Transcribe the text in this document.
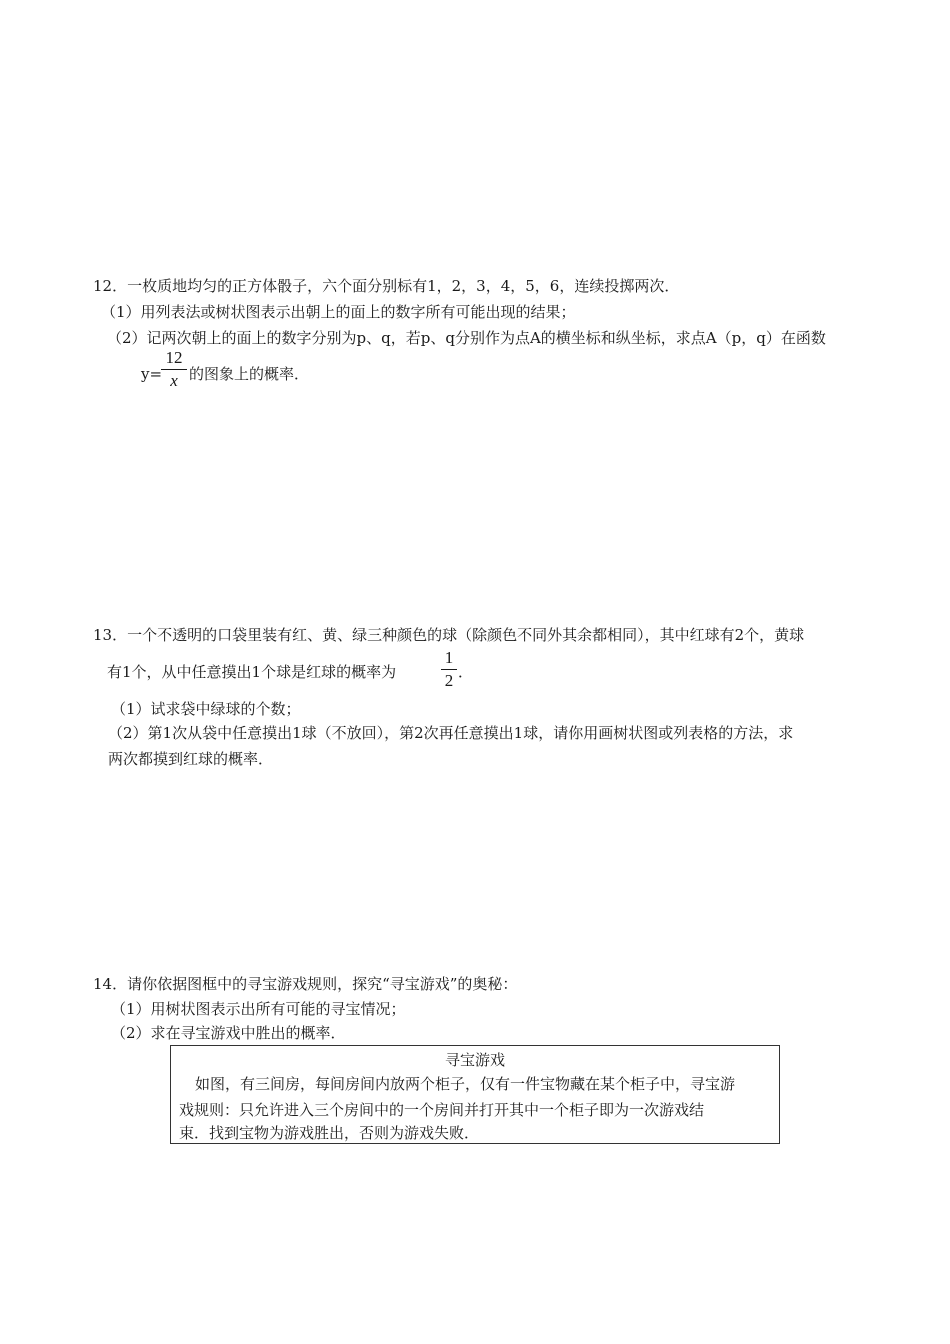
12．一枚质地均匀的正方体骰子，六个面分别标有1，2，3，4，5，6，连续投掷两次．
（1）用列表法或树状图表示出朝上的面上的数字所有可能出现的结果；
（2）记两次朝上的面上的数字分别为p、q，若p、q分别作为点A的横坐标和纵坐标，求点A（p，q）在函数
y=
12
x 的图象上的概率．
13．一个不透明的口袋里装有红、黄、绿三种颜色的球（除颜色不同外其余都相同），其中红球有2个，黄球
有1个，从中任意摸出1个球是红球的概率为
1
2 ．
（1）试求袋中绿球的个数；
（2）第1次从袋中任意摸出1球（不放回），第2次再任意摸出1球，请你用画树状图或列表格的方法，求
两次都摸到红球的概率．
14．请你依据图框中的寻宝游戏规则，探究“寻宝游戏”的奥秘：
（1）用树状图表示出所有可能的寻宝情况；
（2）求在寻宝游戏中胜出的概率．
寻宝游戏
如图，有三间房，每间房间内放两个柜子，仅有一件宝物藏在某个柜子中，寻宝游
戏规则：只允许进入三个房间中的一个房间并打开其中一个柜子即为一次游戏结
束．找到宝物为游戏胜出，否则为游戏失败．
